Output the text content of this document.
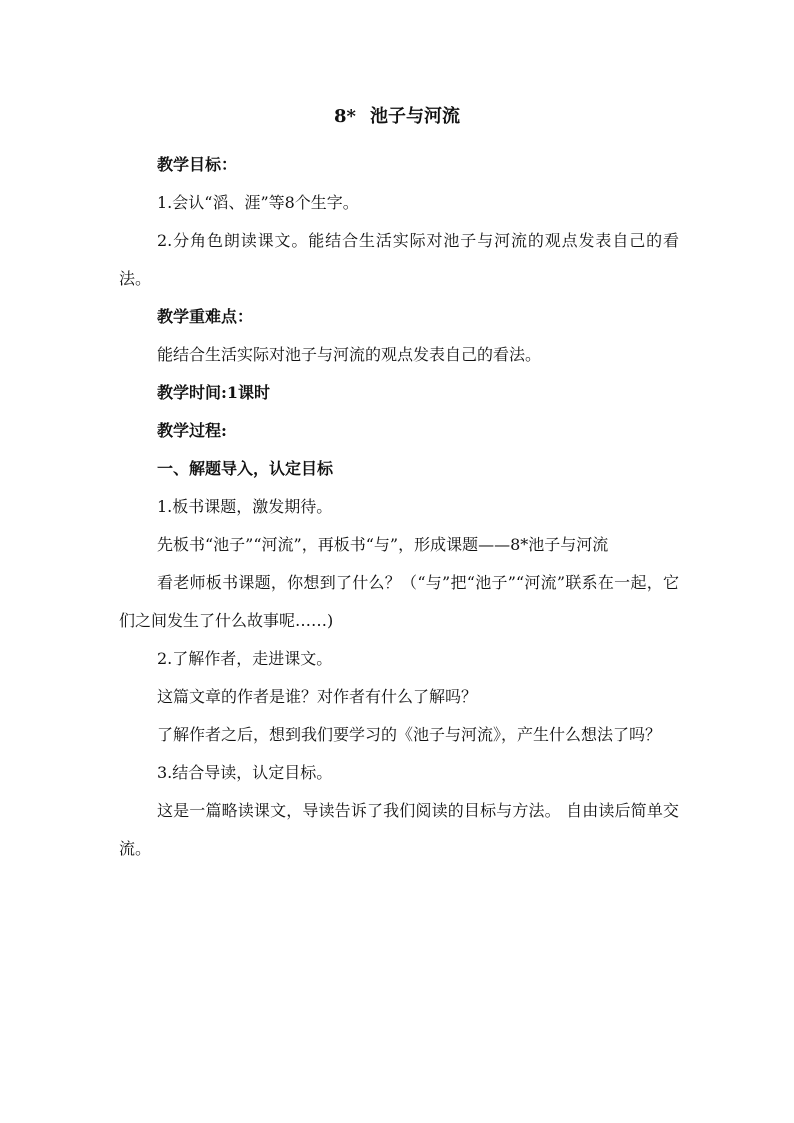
8* 池子与河流

教学目标：

1.会认“滔、涯”等8个生字。

2.分角色朗读课文。能结合生活实际对池子与河流的观点发表自己的看法。

教学重难点：

能结合生活实际对池子与河流的观点发表自己的看法。

教学时间:1课时

教学过程:

一、解题导入，认定目标

1.板书课题，激发期待。

先板书“池子”“河流”，再板书“与”，形成课题——8*池子与河流

看老师板书课题，你想到了什么？（“与”把“池子”“河流”联系在一起，它们之间发生了什么故事呢……)

2.了解作者，走进课文。

这篇文章的作者是谁？对作者有什么了解吗？

了解作者之后，想到我们要学习的《池子与河流》，产生什么想法了吗？

3.结合导读，认定目标。

这是一篇略读课文，导读告诉了我们阅读的目标与方法。 自由读后简单交流。
